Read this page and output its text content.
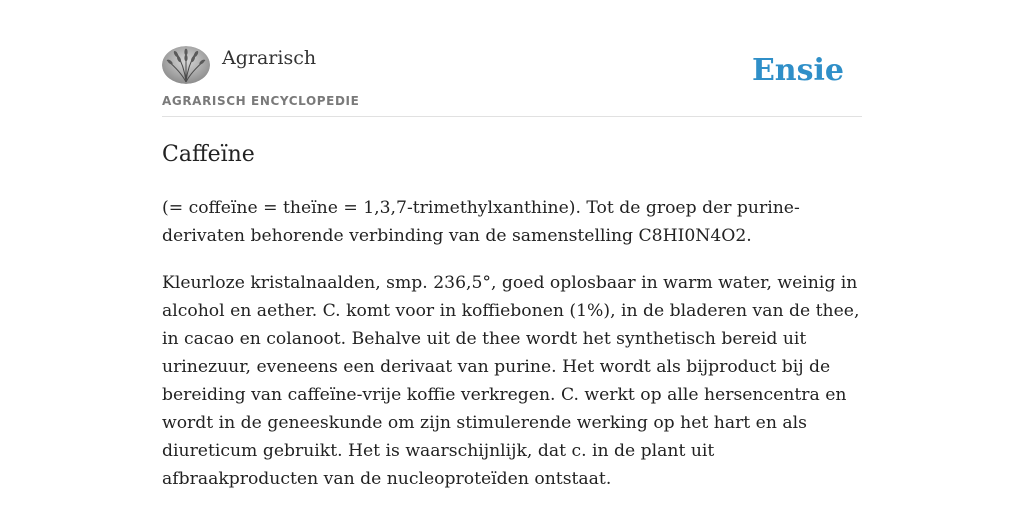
Agrarisch
AGRARISCH ENCYCLOPEDIE
Ensie
Caffeïne

(= coffeïne = theïne = 1,3,7-trimethylxanthine). Tot de groep der purine-derivaten behorende verbinding van de samenstelling C8HI0N4O2.

Kleurloze kristalnaalden, smp. 236,5°, goed oplosbaar in warm water, weinig in alcohol en aether. C. komt voor in koffiebonen (1%), in de bladeren van de thee, in cacao en colanoot. Behalve uit de thee wordt het synthetisch bereid uit urinezuur, eveneens een derivaat van purine. Het wordt als bijproduct bij de bereiding van caffeïne-vrije koffie verkregen. C. werkt op alle hersencentra en wordt in de geneeskunde om zijn stimulerende werking op het hart en als diureticum gebruikt. Het is waarschijnlijk, dat c. in de plant uit afbraakproducten van de nucleoproteïden ontstaat.
